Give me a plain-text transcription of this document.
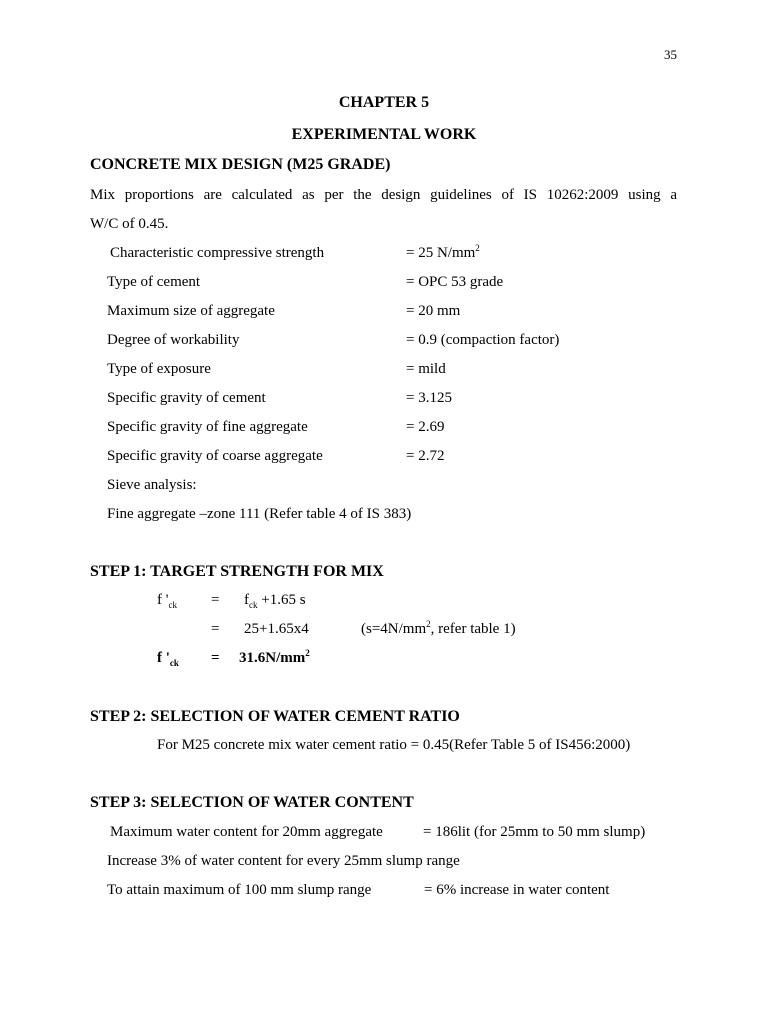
35
CHAPTER 5
EXPERIMENTAL WORK
CONCRETE MIX DESIGN (M25 GRADE)
Mix proportions are calculated as per the design guidelines of IS 10262:2009 using a
W/C of 0.45.
Characteristic compressive strength	= 25 $N/mm^2$
Type of cement	= OPC 53 grade
Maximum size of aggregate	= 20 mm
Degree of workability	= 0.9 (compaction factor)
Type of exposure	= mild
Specific gravity of cement	= 3.125
Specific gravity of fine aggregate	= 2.69
Specific gravity of coarse aggregate	= 2.72
Sieve analysis:
Fine aggregate –zone 111 (Refer table 4 of IS 383)
STEP 1: TARGET STRENGTH FOR MIX
f '$_{ck} = f_{ck} +1.65$ s
= 25+1.65x4	($s=4N/mm^2$, refer table 1)
f '$_{ck} = 31.6N/mm^2$
STEP 2: SELECTION OF WATER CEMENT RATIO
For M25 concrete mix water cement ratio = 0.45(Refer Table 5 of IS456:2000)
STEP 3: SELECTION OF WATER CONTENT
Maximum water content for 20mm aggregate	= 186lit (for 25mm to 50 mm slump)
Increase 3% of water content for every 25mm slump range
To attain maximum of 100 mm slump range	= 6% increase in water content
